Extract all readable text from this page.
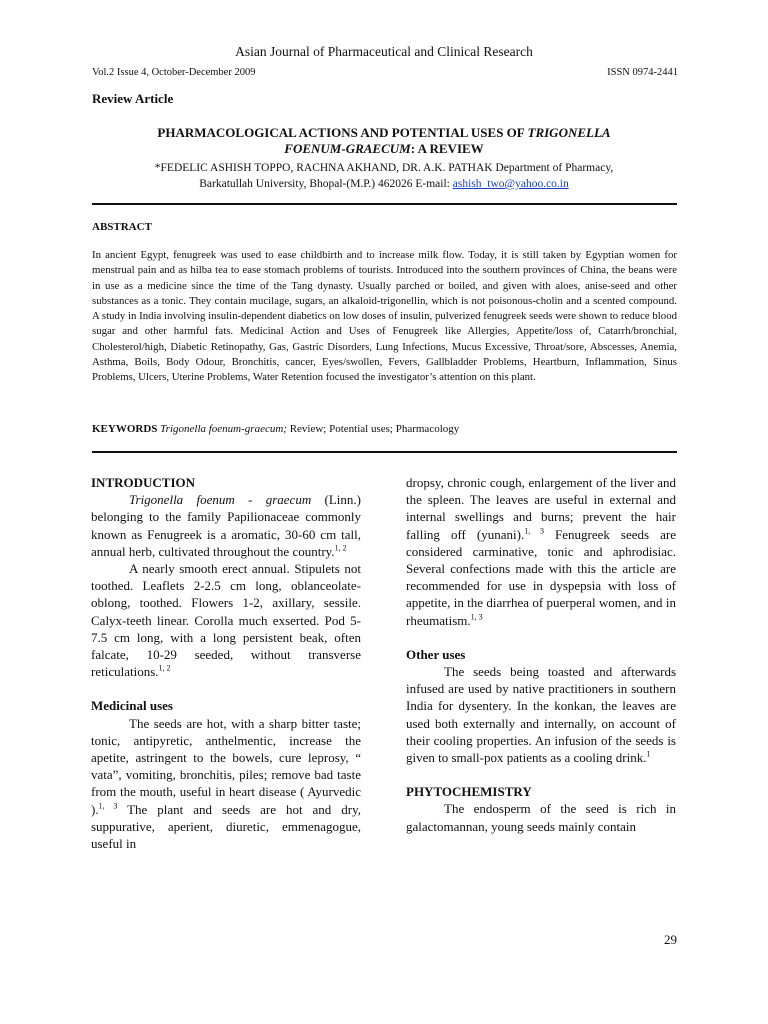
Asian Journal of Pharmaceutical and Clinical Research
Vol.2 Issue 4, October-December 2009	ISSN 0974-2441
Review Article
PHARMACOLOGICAL ACTIONS AND POTENTIAL USES OF TRIGONELLA
FOENUM-GRAECUM: A REVIEW
*FEDELIC ASHISH TOPPO, RACHNA AKHAND, DR. A.K. PATHAK Department of Pharmacy,
Barkatullah University, Bhopal-(M.P.) 462026 E-mail: ashish_two@yahoo.co.in
ABSTRACT
In ancient Egypt, fenugreek was used to ease childbirth and to increase milk flow. Today, it is still taken by Egyptian women for menstrual pain and as hilba tea to ease stomach problems of tourists. Introduced into the southern provinces of China, the beans were in use as a medicine since the time of the Tang dynasty. Usually parched or boiled, and given with aloes, anise-seed and other substances as a tonic. They contain mucilage, sugars, an alkaloid-trigonellin, which is not poisonous-cholin and a scented compound. A study in India involving insulin-dependent diabetics on low doses of insulin, pulverized fenugreek seeds were shown to reduce blood sugar and other harmful fats. Medicinal Action and Uses of Fenugreek like Allergies, Appetite/loss of, Catarrh/bronchial, Cholesterol/high, Diabetic Retinopathy, Gas, Gastric Disorders, Lung Infections, Mucus Excessive, Throat/sore, Abscesses, Anemia, Asthma, Boils, Body Odour, Bronchitis, cancer, Eyes/swollen, Fevers, Gallbladder Problems, Heartburn, Inflammation, Sinus Problems, Ulcers, Uterine Problems, Water Retention focused the investigator’s attention on this plant.
KEYWORDS Trigonella foenum-graecum; Review; Potential uses; Pharmacology

INTRODUCTION

Trigonella foenum - graecum (Linn.) belonging to the family Papilionaceae commonly known as Fenugreek is a aromatic, 30-60 cm tall, annual herb, cultivated throughout the country.$^{1, 2}$

A nearly smooth erect annual. Stipulets not toothed. Leaflets 2-2.5 cm long, oblanceolate-oblong, toothed. Flowers 1-2, axillary, sessile. Calyx-teeth linear. Corolla much exserted. Pod 5-7.5 cm long, with a long persistent beak, often falcate, 10-29 seeded, without transverse reticulations.$^{1, 2}$

Medicinal uses

The seeds are hot, with a sharp bitter taste; tonic, antipyretic, anthelmentic, increase the apetite, astringent to the bowels, cure leprosy, “ vata”, vomiting, bronchitis, piles; remove bad taste from the mouth, useful in heart disease ( Ayurvedic ).$^{1, 3}$ The plant and seeds are hot and dry, suppurative, aperient, diuretic, emmenagogue, useful in

dropsy, chronic cough, enlargement of the liver and the spleen. The leaves are useful in external and internal swellings and burns; prevent the hair falling off (yunani).$^{1, 3}$ Fenugreek seeds are considered carminative, tonic and aphrodisiac. Several confections made with this the article are recommended for use in dyspepsia with loss of appetite, in the diarrhea of puerperal women, and in rheumatism.$^{1, 3}$

Other uses

The seeds being toasted and afterwards infused are used by native practitioners in southern India for dysentery. In the konkan, the leaves are used both externally and internally, on account of their cooling properties. An infusion of the seeds is given to small-pox patients as a cooling drink.$^1$

PHYTOCHEMISTRY

The endosperm of the seed is rich in galactomannan, young seeds mainly contain

29
